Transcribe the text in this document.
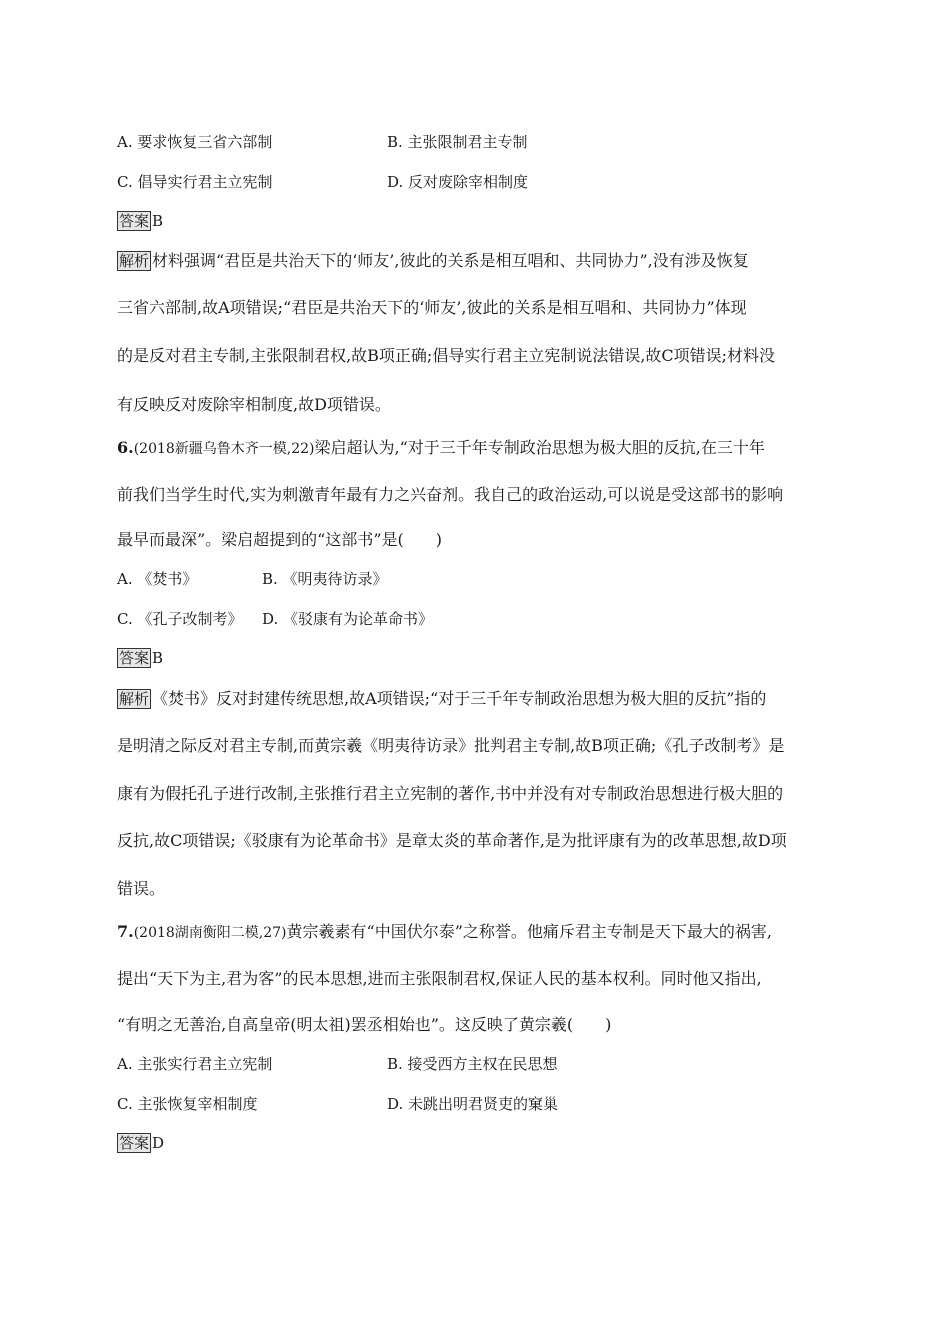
A. 要求恢复三省六部制	B. 主张限制君主专制
C. 倡导实行君主立宪制	D. 反对废除宰相制度
答案 B
解析 材料强调“君臣是共治天下的‘师友’,彼此的关系是相互唱和、共同协力”,没有涉及恢复
三省六部制,故A项错误;“君臣是共治天下的‘师友’,彼此的关系是相互唱和、共同协力”体现
的是反对君主专制,主张限制君权,故B项正确;倡导实行君主立宪制说法错误,故C项错误;材料没
有反映反对废除宰相制度,故D项错误。
6.(2018新疆乌鲁木齐一模,22)梁启超认为,“对于三千年专制政治思想为极大胆的反抗,在三十年
前我们当学生时代,实为刺激青年最有力之兴奋剂。我自己的政治运动,可以说是受这部书的影响
最早而最深”。梁启超提到的“这部书”是(　　)
A. 《焚书》	B. 《明夷待访录》
C. 《孔子改制考》 D. 《驳康有为论革命书》
答案 B
解析 《焚书》反对封建传统思想,故A项错误;“对于三千年专制政治思想为极大胆的反抗”指的
是明清之际反对君主专制,而黄宗羲《明夷待访录》批判君主专制,故B项正确;《孔子改制考》是
康有为假托孔子进行改制,主张推行君主立宪制的著作,书中并没有对专制政治思想进行极大胆的
反抗,故C项错误;《驳康有为论革命书》是章太炎的革命著作,是为批评康有为的改革思想,故D项
错误。
7.(2018湖南衡阳二模,27)黄宗羲素有“中国伏尔泰”之称誉。他痛斥君主专制是天下最大的祸害,
提出“天下为主,君为客”的民本思想,进而主张限制君权,保证人民的基本权利。同时他又指出,
“有明之无善治,自高皇帝(明太祖)罢丞相始也”。这反映了黄宗羲(　　)
A. 主张实行君主立宪制	B. 接受西方主权在民思想
C. 主张恢复宰相制度	D. 未跳出明君贤吏的窠巢
答案 D
